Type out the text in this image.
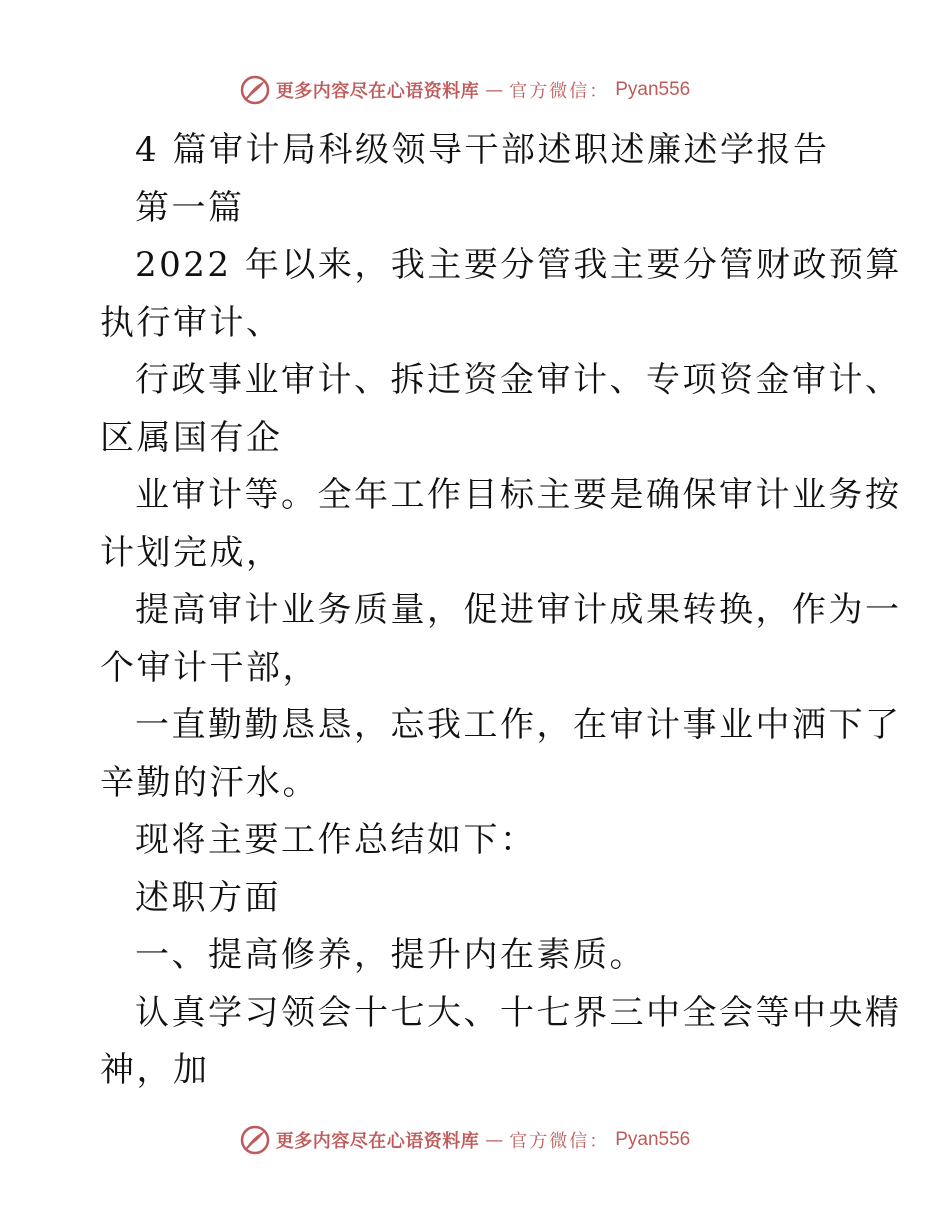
更多内容尽在心语资料库 — 官方微信： Pyan556
4 篇审计局科级领导干部述职述廉述学报告
第一篇
2022 年以来，我主要分管我主要分管财政预算
执行审计、
行政事业审计、拆迁资金审计、专项资金审计、
区属国有企
业审计等。全年工作目标主要是确保审计业务按
计划完成，
提高审计业务质量，促进审计成果转换，作为一
个审计干部，
一直勤勤恳恳，忘我工作，在审计事业中洒下了
辛勤的汗水。
现将主要工作总结如下：
述职方面
一、提高修养，提升内在素质。
认真学习领会十七大、十七界三中全会等中央精
神，加
更多内容尽在心语资料库 — 官方微信： Pyan556
